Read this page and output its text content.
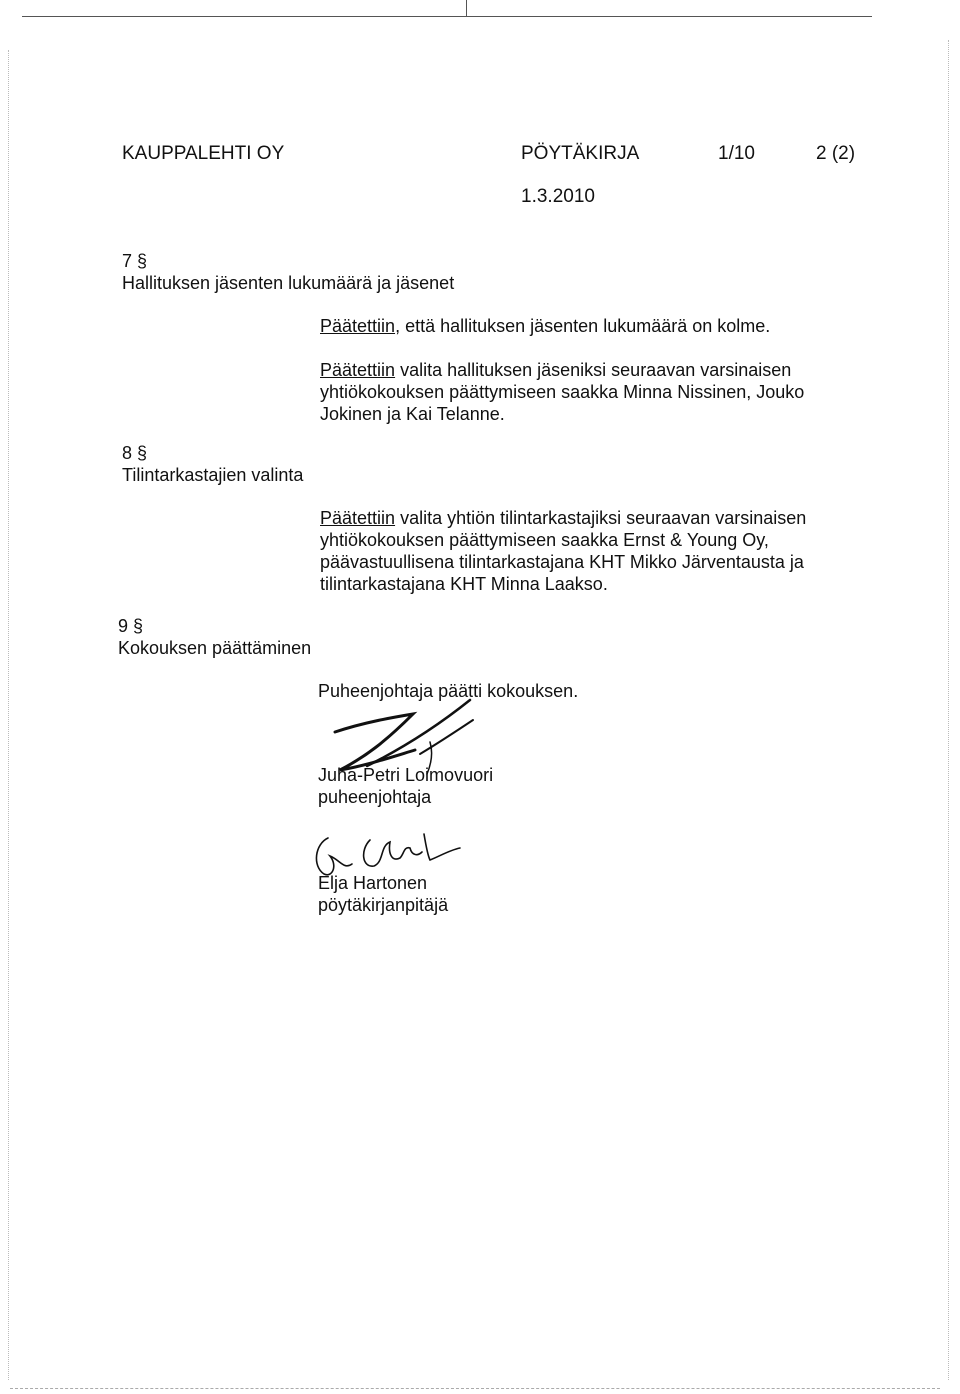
KAUPPALEHTI OY	PÖYTÄKIRJA	1/10	2 (2)
1.3.2010
7 §
Hallituksen jäsenten lukumäärä ja jäsenet
Päätettiin, että hallituksen jäsenten lukumäärä on kolme.
Päätettiin valita hallituksen jäseniksi seuraavan varsinaisen
yhtiökokouksen päättymiseen saakka Minna Nissinen, Jouko
Jokinen ja Kai Telanne.
8 §
Tilintarkastajien valinta
Päätettiin valita yhtiön tilintarkastajiksi seuraavan varsinaisen
yhtiökokouksen päättymiseen saakka Ernst & Young Oy,
päävastuullisena tilintarkastajana KHT Mikko Järventausta ja
tilintarkastajana KHT Minna Laakso.
9 §
Kokouksen päättäminen
Puheenjohtaja päätti kokouksen.
Juha-Petri Loimovuori
puheenjohtaja
Elja Hartonen
pöytäkirjanpitäjä
